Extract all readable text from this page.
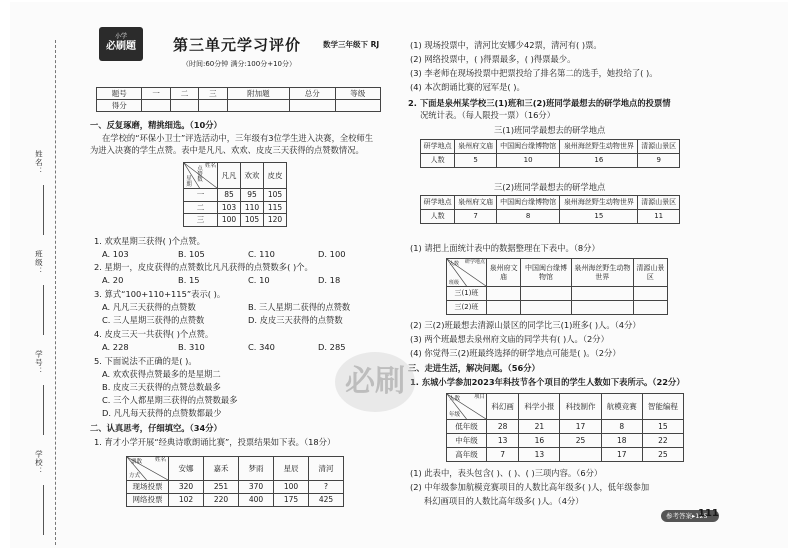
姓名：
班级：
学号：
学校：
小学
必刷题	第三单元学习评价	数学三年级下 RJ
（时间:60分钟 满分:100分+10分）
题号	一	二	三	附加题	总分	等级
得分						
一、反复琢磨，精挑细选。（10分）
在学校的“环保小卫士”评选活动中，三年级有3位学生进入决赛，全校师生
为进入决赛的学生点赞。表中是凡凡、欢欢、皮皮三天获得的点赞数情况。
姓名
点赞数
星期	凡凡	欢欢	皮皮
一	85	95	105
二	103	110	115
三	100	105	120
1. 欢欢星期三获得( )个点赞。
A. 103	B. 105	C. 110	D. 100
2. 星期一，皮皮获得的点赞数比凡凡获得的点赞数多( )个。
A. 20	B. 15	C. 10	D. 18
3. 算式“100+110+115”表示( )。
A. 凡凡三天获得的点赞数	B. 三人星期二获得的点赞数
C. 三人星期三获得的点赞数	D. 皮皮三天获得的点赞数
4. 皮皮三天一共获得( )个点赞。
A. 228	B. 310	C. 340	D. 285
5. 下面说法不正确的是( )。
A. 欢欢获得点赞最多的是星期二
B. 皮皮三天获得的点赞总数最多
C. 三个人都星期三获得的点赞数最多
D. 凡凡每天获得的点赞数都最少
二、认真思考，仔细填空。（34分）
1. 育才小学开展“经典诗歌朗诵比赛”，投票结果如下表。（18分）
姓名
票数
方式	安娜	嘉禾	梦雨	星辰	清河
现场投票	320	251	370	100	?
网络投票	102	220	400	175	425
(1) 现场投票中，清河比安娜少42票，清河有( )票。
(2) 网络投票中，( )得票最多，( )得票最少。
(3) 李老师在现场投票中把票投给了排名第二的选手，她投给了( )。
(4) 本次朗诵比赛的冠军是( )。
2. 下面是泉州某学校三(1)班和三(2)班同学最想去的研学地点的投票情
况统计表。（每人限投一票）（16分）
三(1)班同学最想去的研学地点
研学地点	泉州府文庙	中国闽台缘博物馆	泉州海丝野生动物世界	清源山景区
人数	5	10	16	9
三(2)班同学最想去的研学地点
研学地点	泉州府文庙	中国闽台缘博物馆	泉州海丝野生动物世界	清源山景区
人数	7	8	15	11
(1) 请把上面统计表中的数据整理在下表中。（8分）
研学地点
人数
班级	泉州府文庙	中国闽台缘博物馆	泉州海丝野生动物世界	清源山景区
三(1)班				
三(2)班				
(2) 三(2)班最想去清源山景区的同学比三(1)班多( )人。（4分）
(3) 两个班最想去泉州府文庙的同学共有( )人。（2分）
(4) 你觉得三(2)班最终选择的研学地点可能是( )。（2分）
三、走进生活，解决问题。（56分）
1. 东城小学参加2023年科技节各个项目的学生人数如下表所示。（22分）
项目
人数
年级	科幻画	科学小报	科技制作	航模竞赛	智能编程
低年级	28	21	17	8	15
中年级	13	16	25	18	22
高年级	7	13		17	25
(1) 此表中，表头包含( )、( )、( )三项内容。（6分）
(2) 中年级参加航模竞赛项目的人数比高年级多( )人，低年级参加
科幻画项目的人数比高年级多( )人。（4分）
必刷
参考答案▸125
111
